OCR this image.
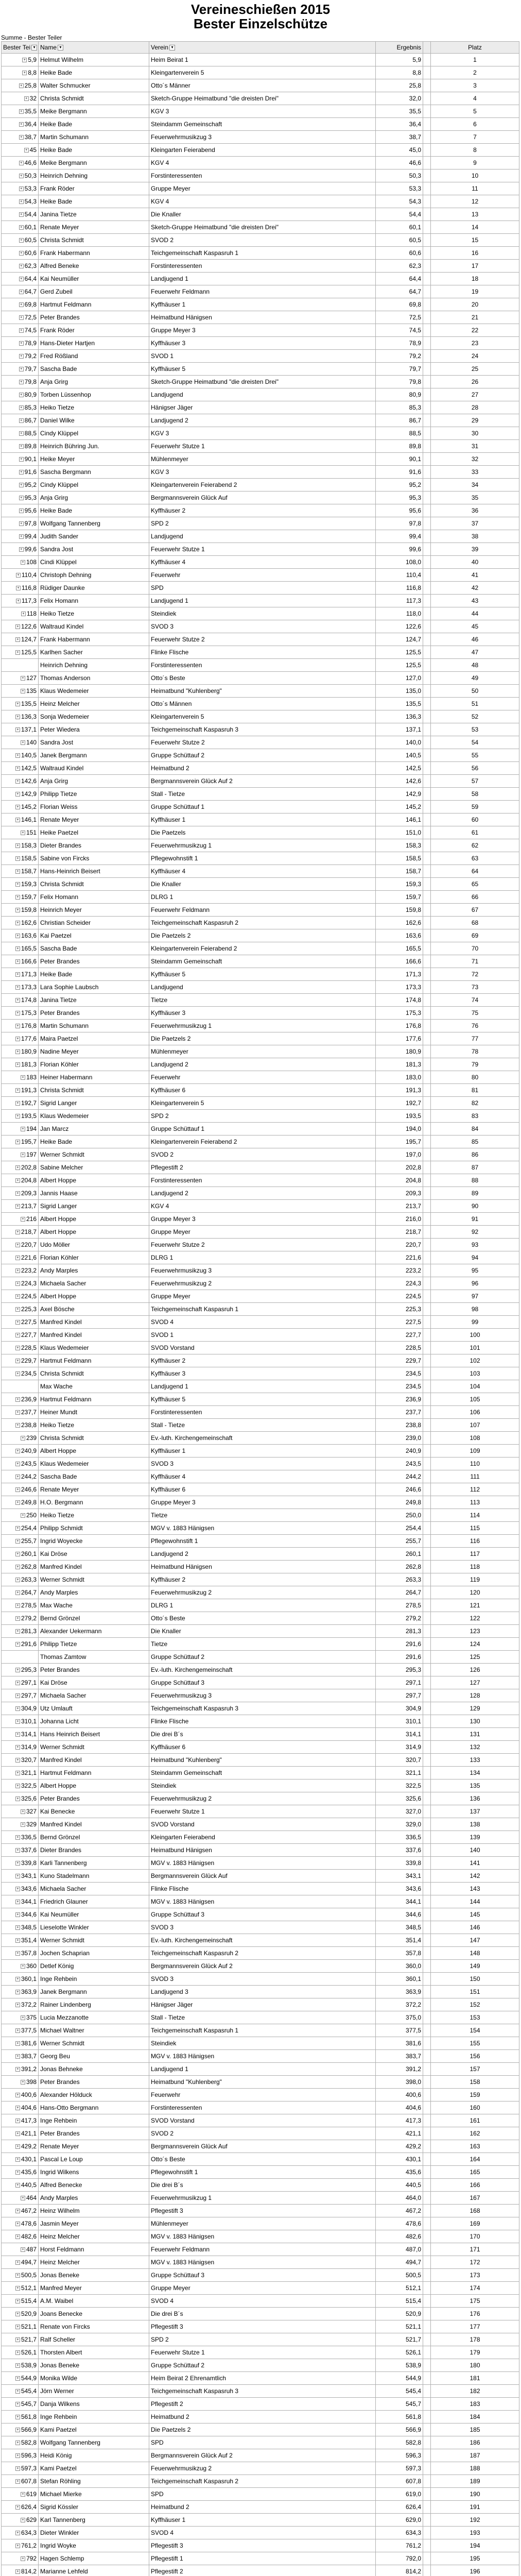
Vereineschießen 2015
Bester Einzelschütze
Summe - Bester Teiler
Bester Tei ▼	Name ▼	Verein ▼	Ergebnis		Platz
+ 5,9	Helmut Wilhelm	Heim Beirat 1	5,9		1
+ 8,8	Heike Bade	Kleingartenverein 5	8,8		2
+ 25,8	Walter Schmucker	Otto´s Männer	25,8		3
+ 32	Christa Schmidt	Sketch-Gruppe Heimatbund "die dreisten Drei"	32,0		4
+ 35,5	Meike Bergmann	KGV 3	35,5		5
+ 36,4	Heike Bade	Steindamm Gemeinschaft	36,4		6
+ 38,7	Martin Schumann	Feuerwehrmusikzug 3	38,7		7
+ 45	Heike Bade	Kleingarten Feierabend	45,0		8
+ 46,6	Meike Bergmann	KGV 4	46,6		9
+ 50,3	Heinrich Dehning	Forstinteressenten	50,3		10
+ 53,3	Frank Röder	Gruppe Meyer	53,3		11
+ 54,3	Heike Bade	KGV 4	54,3		12
+ 54,4	Janina Tietze	Die Knaller	54,4		13
+ 60,1	Renate Meyer	Sketch-Gruppe Heimatbund "die dreisten Drei"	60,1		14
+ 60,5	Christa Schmidt	SVOD 2	60,5		15
+ 60,6	Frank Habermann	Teichgemeinschaft Kaspasruh 1	60,6		16
+ 62,3	Alfred Beneke	Forstinteressenten	62,3		17
+ 64,4	Kai Neumüller	Landjugend 1	64,4		18
+ 64,7	Gerd Zubeil	Feuerwehr Feldmann	64,7		19
+ 69,8	Hartmut Feldmann	Kyffhäuser 1	69,8		20
+ 72,5	Peter Brandes	Heimatbund Hänigsen	72,5		21
+ 74,5	Frank Röder	Gruppe Meyer 3	74,5		22
+ 78,9	Hans-Dieter Hartjen	Kyffhäuser 3	78,9		23
+ 79,2	Fred Rößland	SVOD 1	79,2		24
+ 79,7	Sascha Bade	Kyffhäuser 5	79,7		25
+ 79,8	Anja Grirg	Sketch-Gruppe Heimatbund "die dreisten Drei"	79,8		26
+ 80,9	Torben Lüssenhop	Landjugend	80,9		27
+ 85,3	Heiko Tietze	Hänigser Jäger	85,3		28
+ 86,7	Daniel Wilke	Landjugend 2	86,7		29
+ 88,5	Cindy Klüppel	KGV 3	88,5		30
+ 89,8	Heinrich Bühring Jun.	Feuerwehr Stutze 1	89,8		31
+ 90,1	Heike Meyer	Mühlenmeyer	90,1		32
+ 91,6	Sascha Bergmann	KGV 3	91,6		33
+ 95,2	Cindy Klüppel	Kleingartenverein Feierabend 2	95,2		34
+ 95,3	Anja Grirg	Bergmannsverein Glück Auf	95,3		35
+ 95,6	Heike Bade	Kyffhäuser 2	95,6		36
+ 97,8	Wolfgang Tannenberg	SPD 2	97,8		37
+ 99,4	Judith Sander	Landjugend	99,4		38
+ 99,6	Sandra Jost	Feuerwehr Stutze 1	99,6		39
+ 108	Cindi Klüppel	Kyffhäuser 4	108,0		40
+ 110,4	Christoph Dehning	Feuerwehr	110,4		41
+ 116,8	Rüdiger Daunke	SPD	116,8		42
+ 117,3	Felix Homann	Landjugend 1	117,3		43
+ 118	Heiko Tietze	Steindiek	118,0		44
+ 122,6	Waltraud Kindel	SVOD 3	122,6		45
+ 124,7	Frank Habermann	Feuerwehr Stutze 2	124,7		46
+ 125,5	Karlhen Sacher	Flinke Flische	125,5		47
	Heinrich Dehning	Forstinteressenten	125,5		48
+ 127	Thomas Anderson	Otto´s Beste	127,0		49
+ 135	Klaus Wedemeier	Heimatbund "Kuhlenberg"	135,0		50
+ 135,5	Heinz Melcher	Otto´s Männen	135,5		51
+ 136,3	Sonja Wedemeier	Kleingartenverein 5	136,3		52
+ 137,1	Peter Wiedera	Teichgemeinschaft Kaspasruh 3	137,1		53
+ 140	Sandra Jost	Feuerwehr Stutze 2	140,0		54
+ 140,5	Janek Bergmann	Gruppe Schüttauf 2	140,5		55
+ 142,5	Waltraud Kindel	Heimatbund 2	142,5		56
+ 142,6	Anja Grirg	Bergmannsverein Glück Auf 2	142,6		57
+ 142,9	Philipp Tietze	Stall - Tietze	142,9		58
+ 145,2	Florian Weiss	Gruppe Schüttauf 1	145,2		59
+ 146,1	Renate Meyer	Kyffhäuser 1	146,1		60
+ 151	Heike Paetzel	Die Paetzels	151,0		61
+ 158,3	Dieter Brandes	Feuerwehrmusikzug 1	158,3		62
+ 158,5	Sabine von Fircks	Pflegewohnstift 1	158,5		63
+ 158,7	Hans-Heinrich Beisert	Kyffhäuser 4	158,7		64
+ 159,3	Christa Schmidt	Die Knaller	159,3		65
+ 159,7	Felix Homann	DLRG 1	159,7		66
+ 159,8	Heinrich Meyer	Feuerwehr Feldmann	159,8		67
+ 162,6	Christian Scheider	Teichgemeinschaft Kaspasruh 2	162,6		68
+ 163,6	Kai Paetzel	Die Paetzels 2	163,6		69
+ 165,5	Sascha Bade	Kleingartenverein Feierabend 2	165,5		70
+ 166,6	Peter Brandes	Steindamm Gemeinschaft	166,6		71
+ 171,3	Heike Bade	Kyffhäuser 5	171,3		72
+ 173,3	Lara Sophie Laubsch	Landjugend	173,3		73
+ 174,8	Janina Tietze	Tietze	174,8		74
+ 175,3	Peter Brandes	Kyffhäuser 3	175,3		75
+ 176,8	Martin Schumann	Feuerwehrmusikzug 1	176,8		76
+ 177,6	Maira Paetzel	Die Paetzels 2	177,6		77
+ 180,9	Nadine Meyer	Mühlenmeyer	180,9		78
+ 181,3	Florian Köhler	Landjugend 2	181,3		79
+ 183	Heiner Habermann	Feuerwehr	183,0		80
+ 191,3	Christa Schmidt	Kyffhäuser 6	191,3		81
+ 192,7	Sigrid Langer	Kleingartenverein 5	192,7		82
+ 193,5	Klaus Wedemeier	SPD 2	193,5		83
+ 194	Jan Marcz	Gruppe Schüttauf 1	194,0		84
+ 195,7	Heike Bade	Kleingartenverein Feierabend 2	195,7		85
+ 197	Werner Schmidt	SVOD 2	197,0		86
+ 202,8	Sabine Melcher	Pflegestift 2	202,8		87
+ 204,8	Albert Hoppe	Forstinteressenten	204,8		88
+ 209,3	Jannis Haase	Landjugend 2	209,3		89
+ 213,7	Sigrid Langer	KGV 4	213,7		90
+ 216	Albert Hoppe	Gruppe Meyer 3	216,0		91
+ 218,7	Albert Hoppe	Gruppe Meyer	218,7		92
+ 220,7	Udo Möller	Feuerwehr Stutze 2	220,7		93
+ 221,6	Florian Köhler	DLRG 1	221,6		94
+ 223,2	Andy Marples	Feuerwehrmusikzug 3	223,2		95
+ 224,3	Michaela Sacher	Feuerwehrmusikzug 2	224,3		96
+ 224,5	Albert Hoppe	Gruppe Meyer	224,5		97
+ 225,3	Axel Bösche	Teichgemeinschaft Kaspasruh 1	225,3		98
+ 227,5	Manfred Kindel	SVOD 4	227,5		99
+ 227,7	Manfred Kindel	SVOD 1	227,7		100
+ 228,5	Klaus Wedemeier	SVOD Vorstand	228,5		101
+ 229,7	Hartmut Feldmann	Kyffhäuser 2	229,7		102
+ 234,5	Christa Schmidt	Kyffhäuser 3	234,5		103
	Max Wache	Landjugend 1	234,5		104
+ 236,9	Hartmut Feldmann	Kyffhäuser 5	236,9		105
+ 237,7	Heiner Mundt	Forstinteressenten	237,7		106
+ 238,8	Heiko Tietze	Stall - Tietze	238,8		107
+ 239	Christa Schmidt	Ev.-luth. Kirchengemeinschaft	239,0		108
+ 240,9	Albert Hoppe	Kyffhäuser 1	240,9		109
+ 243,5	Klaus Wedemeier	SVOD 3	243,5		110
+ 244,2	Sascha Bade	Kyffhäuser 4	244,2		111
+ 246,6	Renate Meyer	Kyffhäuser 6	246,6		112
+ 249,8	H.O. Bergmann	Gruppe Meyer 3	249,8		113
+ 250	Heiko Tietze	Tietze	250,0		114
+ 254,4	Philipp Schmidt	MGV v. 1883 Hänigsen	254,4		115
+ 255,7	Ingrid Woyecke	Pflegewohnstift 1	255,7		116
+ 260,1	Kai Dröse	Landjugend 2	260,1		117
+ 262,8	Manfred Kindel	Heimatbund Hänigsen	262,8		118
+ 263,3	Werner Schmidt	Kyffhäuser 2	263,3		119
+ 264,7	Andy Marples	Feuerwehrmusikzug 2	264,7		120
+ 278,5	Max Wache	DLRG 1	278,5		121
+ 279,2	Bernd Grönzel	Otto´s Beste	279,2		122
+ 281,3	Alexander Uekermann	Die Knaller	281,3		123
+ 291,6	Philipp Tietze	Tietze	291,6		124
	Thomas Zamtow	Gruppe Schüttauf 2	291,6		125
+ 295,3	Peter Brandes	Ev.-luth. Kirchengemeinschaft	295,3		126
+ 297,1	Kai Dröse	Gruppe Schüttauf 3	297,1		127
+ 297,7	Michaela Sacher	Feuerwehrmusikzug 3	297,7		128
+ 304,9	Utz Umlauft	Teichgemeinschaft Kaspasruh 3	304,9		129
+ 310,1	Johanna Licht	Flinke Flische	310,1		130
+ 314,1	Hans Heinrich Beisert	Die drei B´s	314,1		131
+ 314,9	Werner Schmidt	Kyffhäuser 6	314,9		132
+ 320,7	Manfred Kindel	Heimatbund "Kuhlenberg"	320,7		133
+ 321,1	Hartmut Feldmann	Steindamm Gemeinschaft	321,1		134
+ 322,5	Albert Hoppe	Steindiek	322,5		135
+ 325,6	Peter Brandes	Feuerwehrmusikzug 2	325,6		136
+ 327	Kai Benecke	Feuerwehr Stutze 1	327,0		137
+ 329	Manfred Kindel	SVOD Vorstand	329,0		138
+ 336,5	Bernd Grönzel	Kleingarten Feierabend	336,5		139
+ 337,6	Dieter Brandes	Heimatbund Hänigsen	337,6		140
+ 339,8	Karli Tannenberg	MGV v. 1883 Hänigsen	339,8		141
+ 343,1	Kuno Stadelmann	Bergmannsverein Glück Auf	343,1		142
+ 343,6	Michaela Sacher	Flinke Flische	343,6		143
+ 344,1	Friedrich Glauner	MGV v. 1883 Hänigsen	344,1		144
+ 344,6	Kai Neumüller	Gruppe Schüttauf 3	344,6		145
+ 348,5	Lieselotte Winkler	SVOD 3	348,5		146
+ 351,4	Werner Schmidt	Ev.-luth. Kirchengemeinschaft	351,4		147
+ 357,8	Jochen Schaprian	Teichgemeinschaft Kaspasruh 2	357,8		148
+ 360	Detlef König	Bergmannsverein Glück Auf 2	360,0		149
+ 360,1	Inge Rehbein	SVOD 3	360,1		150
+ 363,9	Janek Bergmann	Landjugend 3	363,9		151
+ 372,2	Rainer Lindenberg	Hänigser Jäger	372,2		152
+ 375	Lucia Mezzanotte	Stall - Tietze	375,0		153
+ 377,5	Michael Waltner	Teichgemeinschaft Kaspasruh 1	377,5		154
+ 381,6	Werner Schmidt	Steindiek	381,6		155
+ 383,7	Georg Beu	MGV v. 1883 Hänigsen	383,7		156
+ 391,2	Jonas Behneke	Landjugend 1	391,2		157
+ 398	Peter Brandes	Heimatbund "Kuhlenberg"	398,0		158
+ 400,6	Alexander Hölduck	Feuerwehr	400,6		159
+ 404,6	Hans-Otto Bergmann	Forstinteressenten	404,6		160
+ 417,3	Inge Rehbein	SVOD Vorstand	417,3		161
+ 421,1	Peter Brandes	SVOD 2	421,1		162
+ 429,2	Renate Meyer	Bergmannsverein Glück Auf	429,2		163
+ 430,1	Pascal Le Loup	Otto´s Beste	430,1		164
+ 435,6	Ingrid Wilkens	Pflegewohnstift 1	435,6		165
+ 440,5	Alfred Benecke	Die drei B´s	440,5		166
+ 464	Andy Marples	Feuerwehrmusikzug 1	464,0		167
+ 467,2	Heinz Wilhelm	Pflegestift 3	467,2		168
+ 478,6	Jasmin Meyer	Mühlenmeyer	478,6		169
+ 482,6	Heinz Melcher	MGV v. 1883 Hänigsen	482,6		170
+ 487	Horst Feldmann	Feuerwehr Feldmann	487,0		171
+ 494,7	Heinz Melcher	MGV v. 1883 Hänigsen	494,7		172
+ 500,5	Jonas Beneke	Gruppe Schüttauf 3	500,5		173
+ 512,1	Manfred Meyer	Gruppe Meyer	512,1		174
+ 515,4	A.M. Waibel	SVOD 4	515,4		175
+ 520,9	Joans Benecke	Die drei B´s	520,9		176
+ 521,1	Renate von Fircks	Pflegestift 3	521,1		177
+ 521,7	Ralf Scheller	SPD 2	521,7		178
+ 526,1	Thorsten Albert	Feuerwehr Stutze 1	526,1		179
+ 538,9	Jonas Beneke	Gruppe Schüttauf 2	538,9		180
+ 544,9	Monika Wilde	Heim Beirat 2 Ehrenamtlich	544,9		181
+ 545,4	Jörn Werner	Teichgemeinschaft Kaspasruh 3	545,4		182
+ 545,7	Danja Wilkens	Pflegestift 2	545,7		183
+ 561,8	Inge Rehbein	Heimatbund 2	561,8		184
+ 566,9	Kami Paetzel	Die Paetzels 2	566,9		185
+ 582,8	Wolfgang Tannenberg	SPD	582,8		186
+ 596,3	Heidi König	Bergmannsverein Glück Auf 2	596,3		187
+ 597,3	Kami Paetzel	Feuerwehrmusikzug 2	597,3		188
+ 607,8	Stefan Röhling	Teichgemeinschaft Kaspasruh 2	607,8		189
+ 619	Michael Mierke	SPD	619,0		190
+ 626,4	Sigrid Kössler	Heimatbund 2	626,4		191
+ 629	Karl Tannenberg	Kyffhäuser 1	629,0		192
+ 634,3	Dieter Winkler	SVOD 4	634,3		193
+ 761,2	Ingrid Woyke	Pflegestift 3	761,2		194
+ 792	Hagen Schlemp	Pflegestift 1	792,0		195
+ 814,2	Marianne Lehfeld	Pflegestift 2	814,2		196
